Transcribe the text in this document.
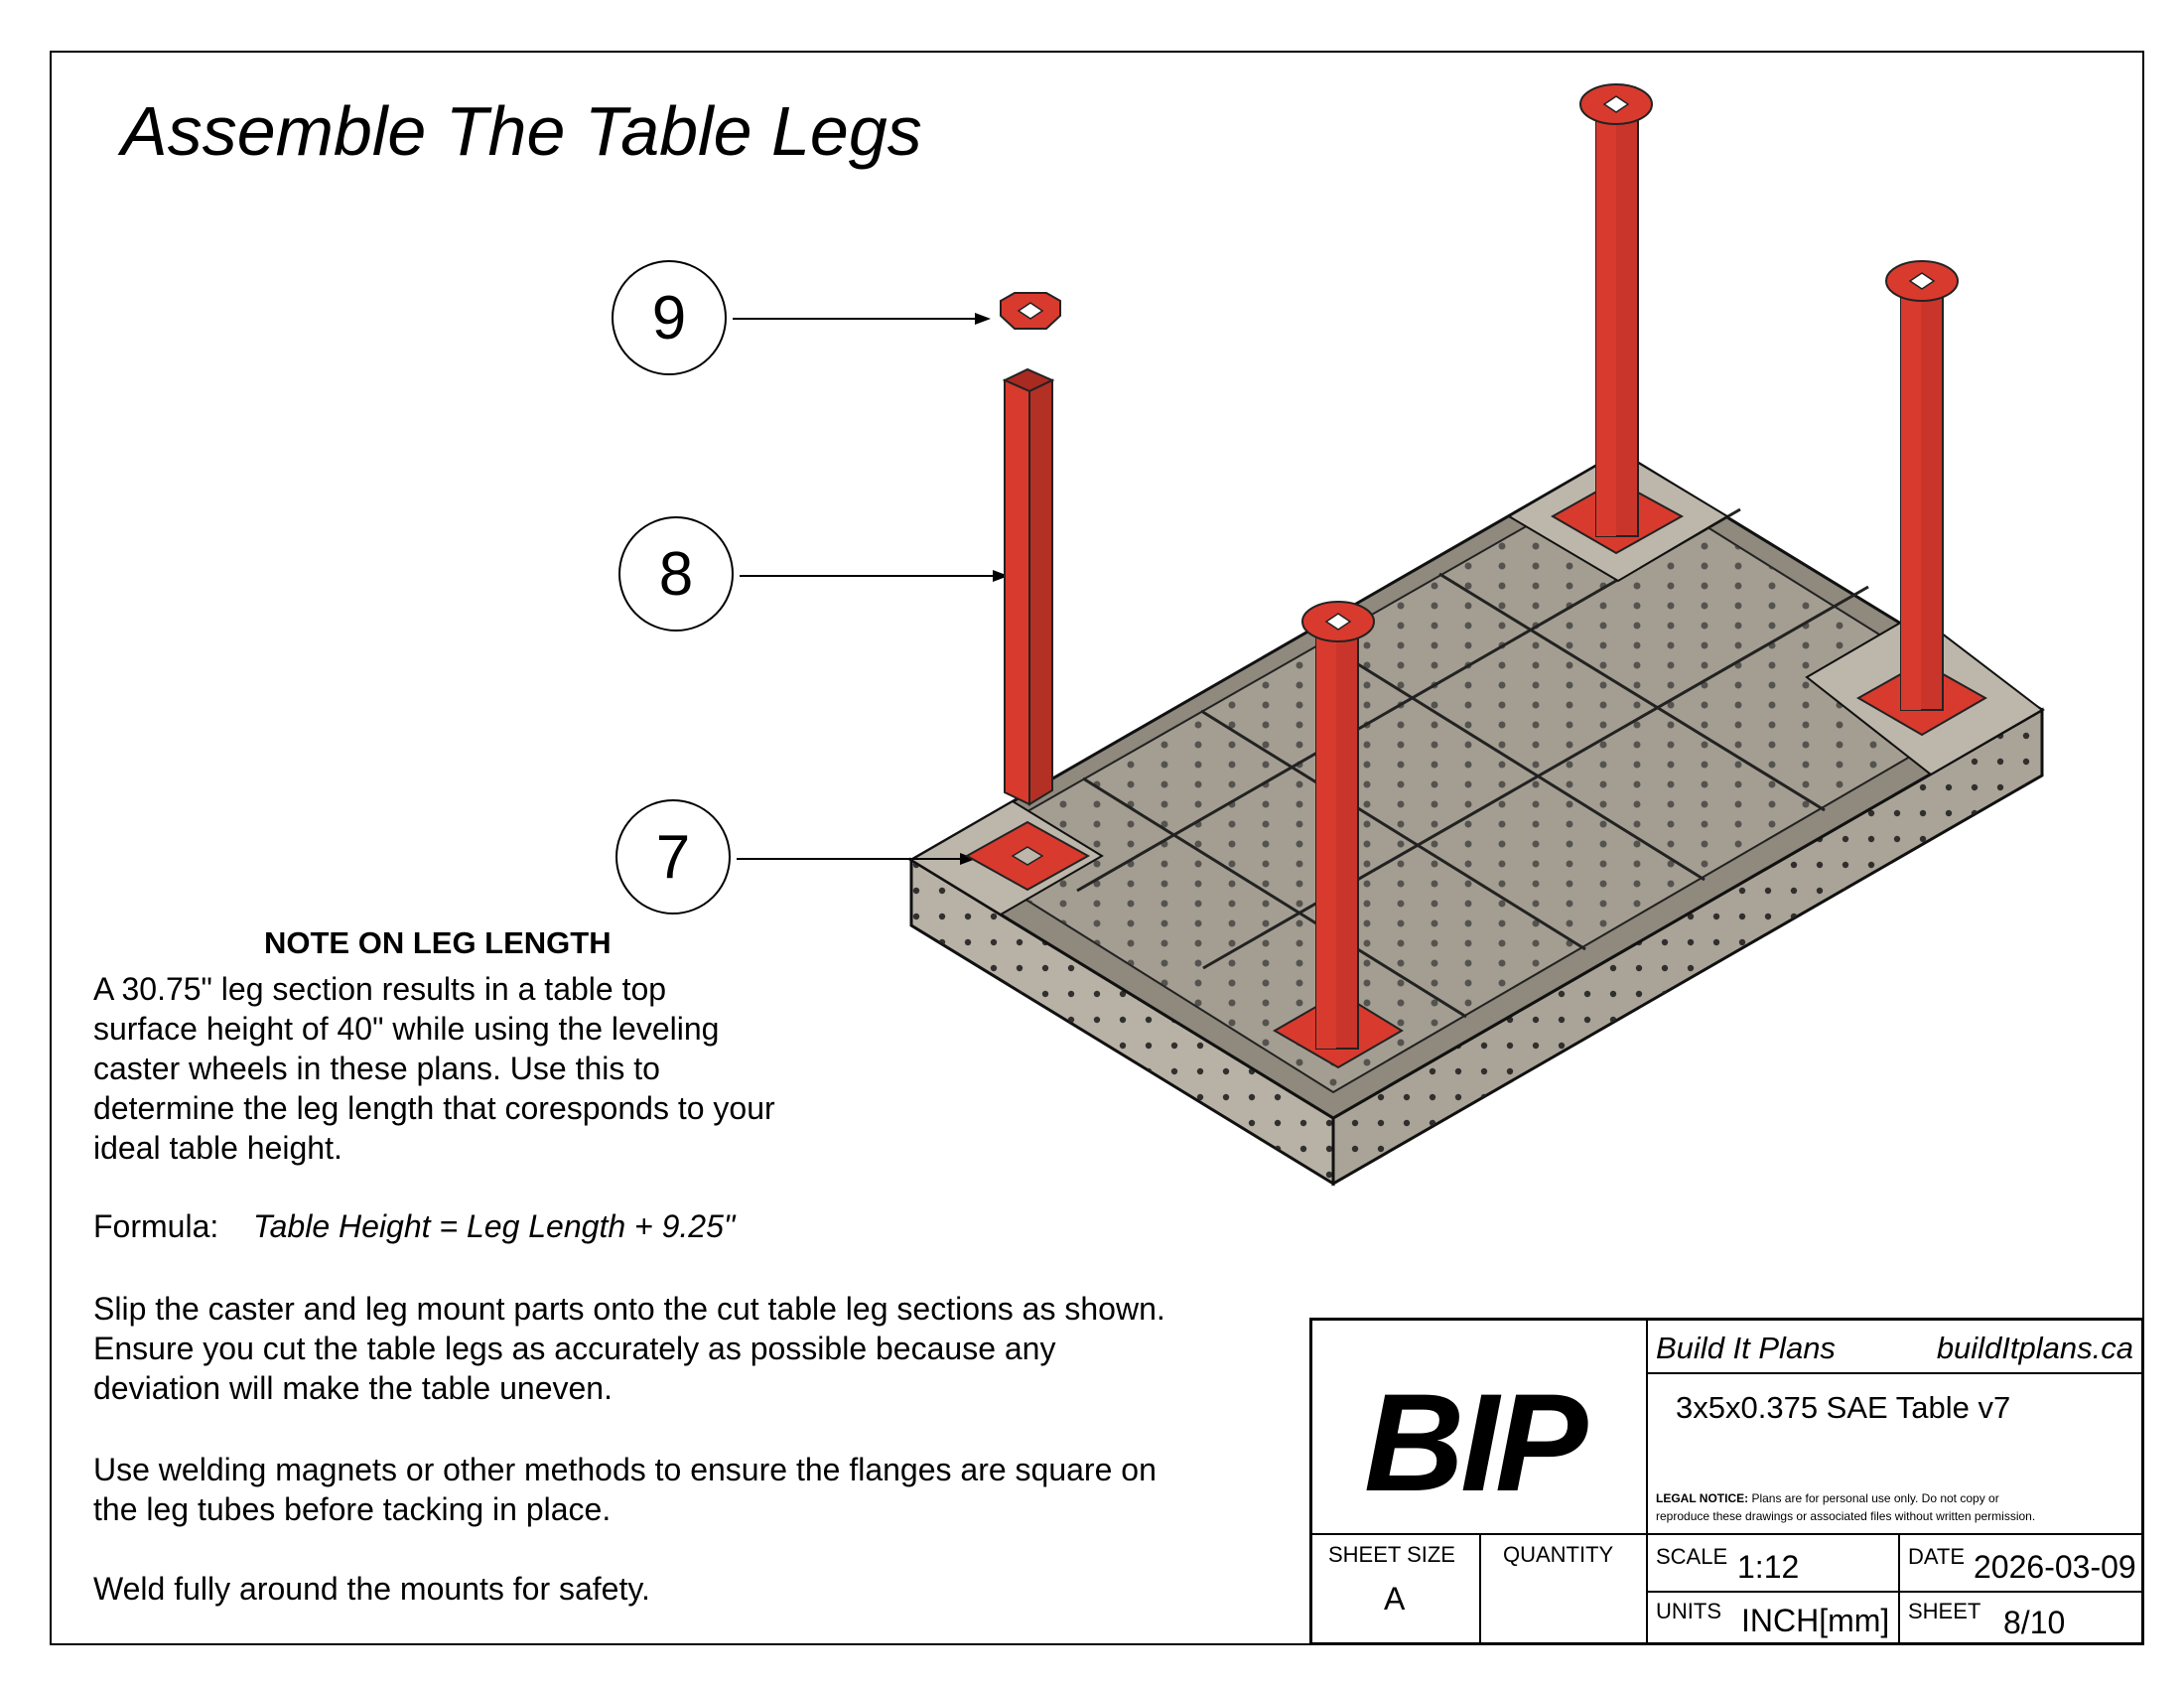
Assemble The Table Legs
9
8
7
NOTE ON LEG LENGTH
A 30.75" leg section results in a table top
surface height of 40" while using the leveling
caster wheels in these plans. Use this to
determine the leg length that coresponds to your
ideal table height.
Formula: Table Height = Leg Length + 9.25"
Slip the caster and leg mount parts onto the cut table leg sections as shown.
Ensure you cut the table legs as accurately as possible because any
deviation will make the table uneven.
Use welding magnets or other methods to ensure the flanges are square on
the leg tubes before tacking in place.
Weld fully around the mounts for safety.
BIP
Build It Plans	buildItplans.ca
3x5x0.375 SAE Table v7
LEGAL NOTICE: Plans are for personal use only. Do not copy or
reproduce these drawings or associated files without written permission.
SHEET SIZE
A
QUANTITY SCALE 1:12	DATE 2026-03-09
UNITS INCH[mm] SHEET 8/10
